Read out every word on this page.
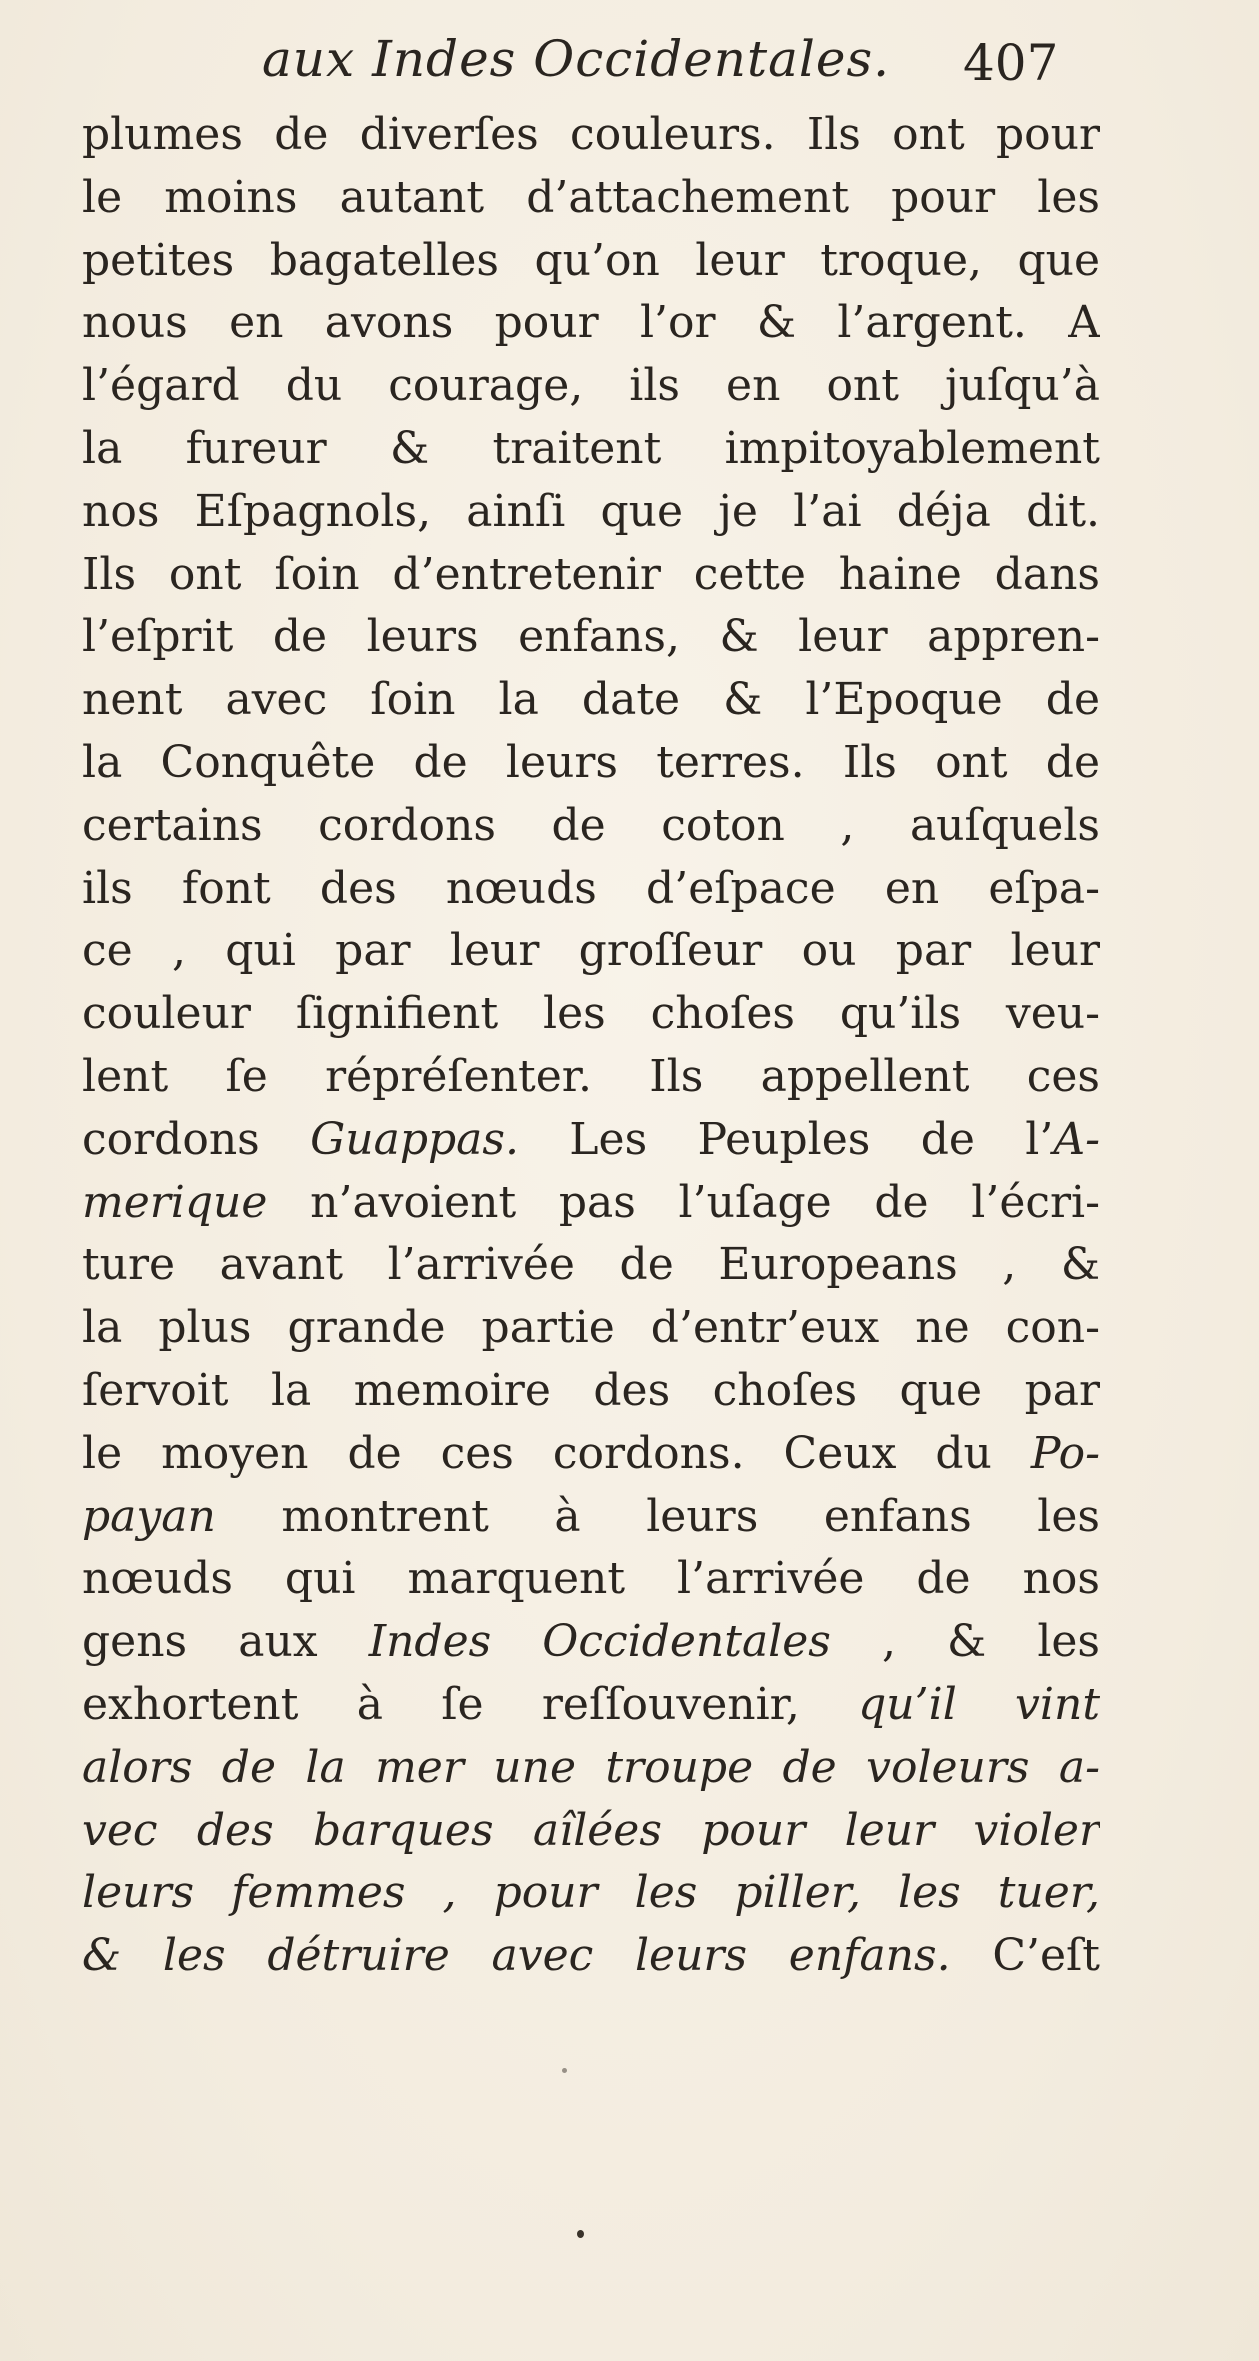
aux Indes Occidentales. 407
plumes de diverſes couleurs. Ils ont pour
le moins autant d’attachement pour les
petites bagatelles qu’on leur troque, que
nous en avons pour l’or & l’argent. A
l’égard du courage, ils en ont juſqu’à
la fureur & traitent impitoyablement
nos Eſpagnols, ainſi que je l’ai déja dit.
Ils ont ſoin d’entretenir cette haine dans
l’eſprit de leurs enfans, & leur appren-
nent avec ſoin la date & l’Epoque de
la Conquête de leurs terres. Ils ont de
certains cordons de coton , auſquels
ils font des nœuds d’eſpace en eſpa-
ce , qui par leur groſſeur ou par leur
couleur ſignifient les choſes qu’ils veu-
lent ſe répréſenter. Ils appellent ces
cordons Guappas. Les Peuples de l’A-
merique n’avoient pas l’uſage de l’écri-
ture avant l’arrivée de Europeans , &
la plus grande partie d’entr’eux ne con-
ſervoit la memoire des choſes que par
le moyen de ces cordons. Ceux du Po-
payan montrent à leurs enfans les
nœuds qui marquent l’arrivée de nos
gens aux Indes Occidentales , & les
exhortent à ſe reſſouvenir, qu’il vint
alors de la mer une troupe de voleurs a-
vec des barques aîlées pour leur violer
leurs femmes , pour les piller, les tuer,
& les détruire avec leurs enfans. C’eſt
